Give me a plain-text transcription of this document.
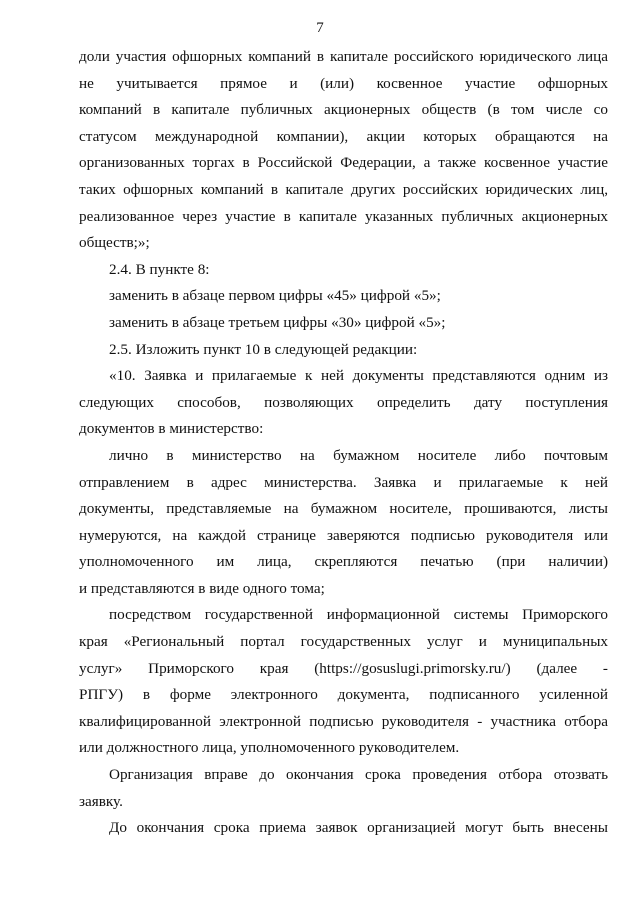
7
доли участия офшорных компаний в капитале российского юридического лица
не учитывается прямое и (или) косвенное участие офшорных
компаний в капитале публичных акционерных обществ (в том числе со
статусом международной компании), акции которых обращаются на
организованных торгах в Российской Федерации, а также косвенное участие
таких офшорных компаний в капитале других российских юридических лиц,
реализованное через участие в капитале указанных публичных акционерных
обществ;»;
2.4. В пункте 8:
заменить в абзаце первом цифры «45» цифрой «5»;
заменить в абзаце третьем цифры «30» цифрой «5»;
2.5. Изложить пункт 10 в следующей редакции:
«10. Заявка и прилагаемые к ней документы представляются одним из
следующих способов, позволяющих определить дату поступления
документов в министерство:
лично в министерство на бумажном носителе либо почтовым
отправлением в адрес министерства. Заявка и прилагаемые к ней
документы, представляемые на бумажном носителе, прошиваются, листы
нумеруются, на каждой странице заверяются подписью руководителя или
уполномоченного им лица, скрепляются печатью (при наличии)
и представляются в виде одного тома;
посредством государственной информационной системы Приморского
края «Региональный портал государственных услуг и муниципальных
услуг» Приморского края (https://gosuslugi.primorsky.ru/) (далее -
РПГУ) в форме электронного документа, подписанного усиленной
квалифицированной электронной подписью руководителя - участника отбора
или должностного лица, уполномоченного руководителем.
Организация вправе до окончания срока проведения отбора отозвать
заявку.
До окончания срока приема заявок организацией могут быть внесены
